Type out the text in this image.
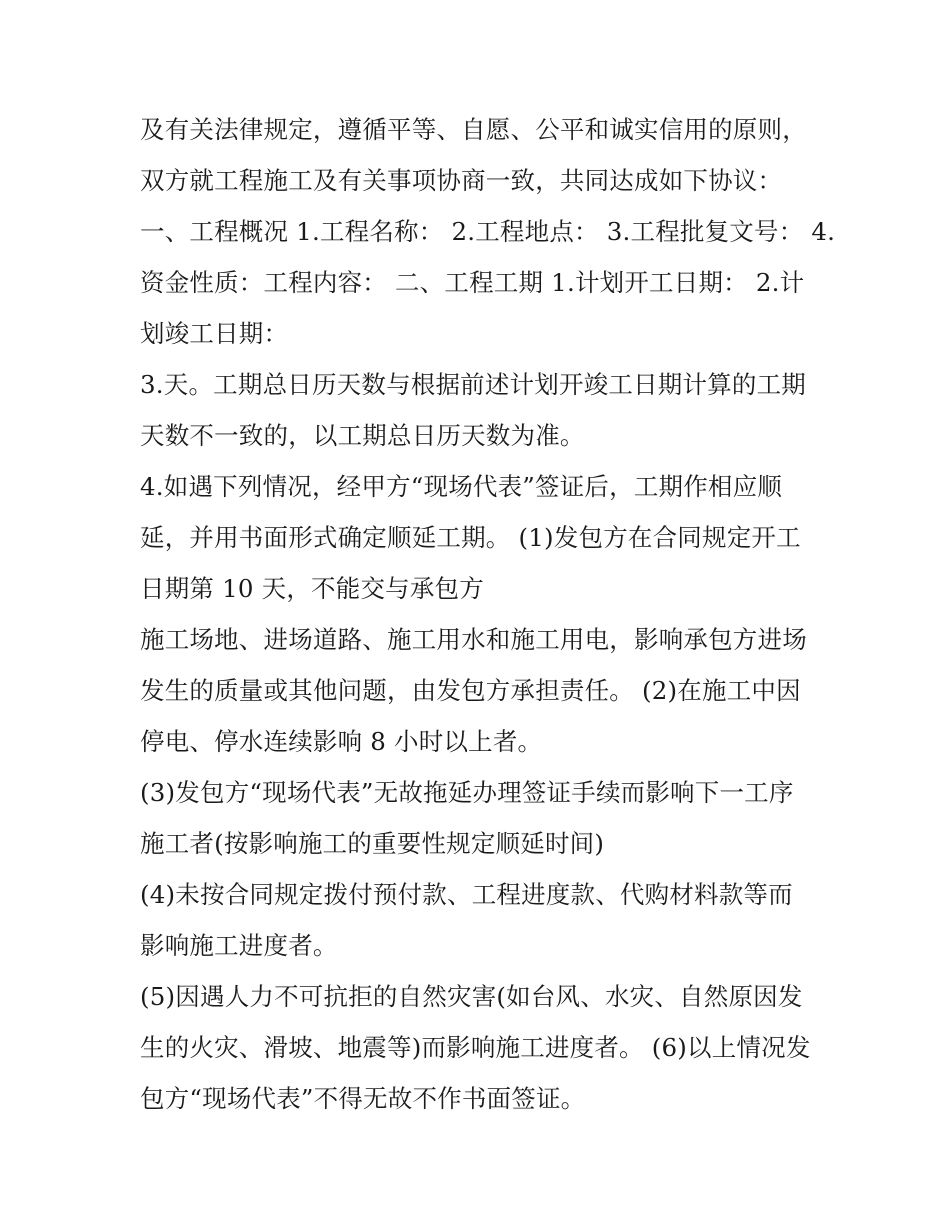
及有关法律规定，遵循平等、自愿、公平和诚实信用的原则，
双方就工程施工及有关事项协商一致，共同达成如下协议：
一、工程概况 1.工程名称： 2.工程地点： 3.工程批复文号： 4.
资金性质：工程内容： 二、工程工期 1.计划开工日期： 2.计
划竣工日期：
3.天。工期总日历天数与根据前述计划开竣工日期计算的工期
天数不一致的，以工期总日历天数为准。
4.如遇下列情况，经甲方“现场代表”签证后，工期作相应顺
延，并用书面形式确定顺延工期。 (1)发包方在合同规定开工
日期第 10 天，不能交与承包方
施工场地、进场道路、施工用水和施工用电，影响承包方进场
发生的质量或其他问题，由发包方承担责任。 (2)在施工中因
停电、停水连续影响 8 小时以上者。
(3)发包方“现场代表”无故拖延办理签证手续而影响下一工序
施工者(按影响施工的重要性规定顺延时间)
(4)未按合同规定拨付预付款、工程进度款、代购材料款等而
影响施工进度者。
(5)因遇人力不可抗拒的自然灾害(如台风、水灾、自然原因发
生的火灾、滑坡、地震等)而影响施工进度者。 (6)以上情况发
包方“现场代表”不得无故不作书面签证。
